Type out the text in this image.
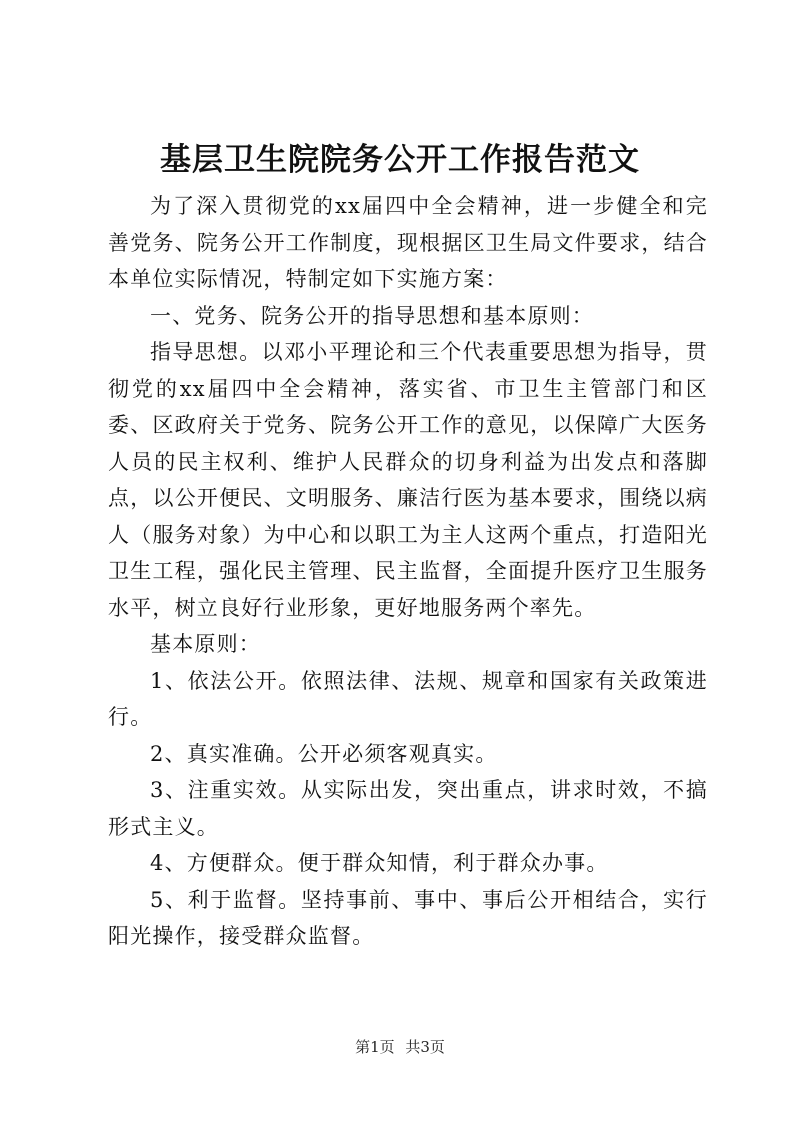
基层卫生院院务公开工作报告范文

为了深入贯彻党的xx届四中全会精神，进一步健全和完善党务、院务公开工作制度，现根据区卫生局文件要求，结合本单位实际情况，特制定如下实施方案：

一、党务、院务公开的指导思想和基本原则：

指导思想。以邓小平理论和三个代表重要思想为指导，贯彻党的xx届四中全会精神，落实省、市卫生主管部门和区委、区政府关于党务、院务公开工作的意见，以保障广大医务人员的民主权利、维护人民群众的切身利益为出发点和落脚点，以公开便民、文明服务、廉洁行医为基本要求，围绕以病人（服务对象）为中心和以职工为主人这两个重点，打造阳光卫生工程，强化民主管理、民主监督，全面提升医疗卫生服务水平，树立良好行业形象，更好地服务两个率先。

基本原则：

1、依法公开。依照法律、法规、规章和国家有关政策进行。

2、真实准确。公开必须客观真实。

3、注重实效。从实际出发，突出重点，讲求时效，不搞形式主义。

4、方便群众。便于群众知情，利于群众办事。

5、利于监督。坚持事前、事中、事后公开相结合，实行阳光操作，接受群众监督。

第1页 共3页
